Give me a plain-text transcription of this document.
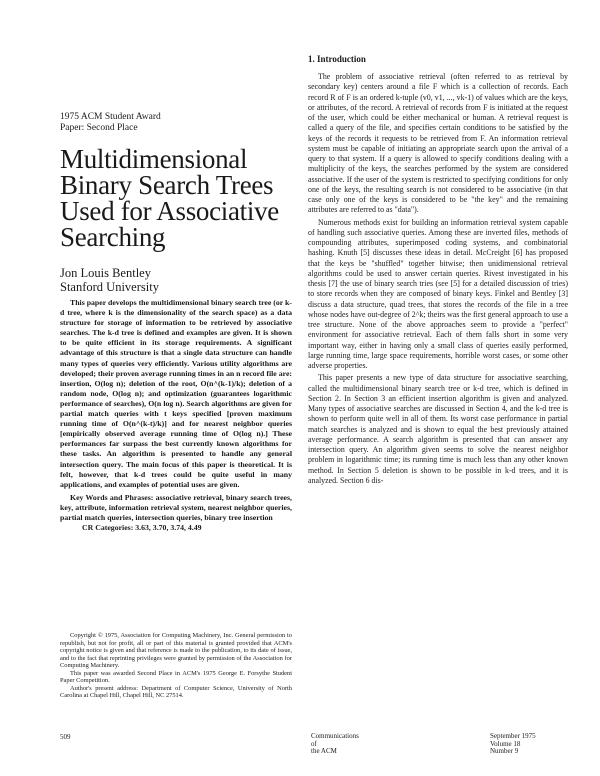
1975 ACM Student Award
Paper: Second Place
Multidimensional
Binary Search Trees
Used for Associative
Searching
Jon Louis Bentley
Stanford University

This paper develops the multidimensional binary search tree (or k-d tree, where k is the dimensionality of the search space) as a data structure for storage of information to be retrieved by associative searches. The k-d tree is defined and examples are given. It is shown to be quite efficient in its storage requirements. A significant advantage of this structure is that a single data structure can handle many types of queries very efficiently. Various utility algorithms are developed; their proven average running times in an n record file are: insertion, O(log n); deletion of the root, O(n^(k-1)/k); deletion of a random node, O(log n); and optimization (guarantees logarithmic performance of searches), O(n log n). Search algorithms are given for partial match queries with t keys specified [proven maximum running time of O(n^(k-t)/k)] and for nearest neighbor queries [empirically observed average running time of O(log n).] These performances far surpass the best currently known algorithms for these tasks. An algorithm is presented to handle any general intersection query. The main focus of this paper is theoretical. It is felt, however, that k-d trees could be quite useful in many applications, and examples of potential uses are given.

Key Words and Phrases: associative retrieval, binary search trees, key, attribute, information retrieval system, nearest neighbor queries, partial match queries, intersection queries, binary tree insertion

CR Categories: 3.63, 3.70, 3.74, 4.49

Copyright © 1975, Association for Computing Machinery, Inc. General permission to republish, but not for profit, all or part of this material is granted provided that ACM's copyright notice is given and that reference is made to the publication, to its date of issue, and to the fact that reprinting privileges were granted by permission of the Association for Computing Machinery.

This paper was awarded Second Place in ACM's 1975 George E. Forsythe Student Paper Competition.

Author's present address: Department of Computer Science, University of North Carolina at Chapel Hill, Chapel Hill, NC 27514.

1. Introduction

The problem of associative retrieval (often referred to as retrieval by secondary key) centers around a file F which is a collection of records. Each record R of F is an ordered k-tuple (v0, v1, ..., vk-1) of values which are the keys, or attributes, of the record. A retrieval of records from F is initiated at the request of the user, which could be either mechanical or human. A retrieval request is called a query of the file, and specifies certain conditions to be satisfied by the keys of the records it requests to be retrieved from F. An information retrieval system must be capable of initiating an appropriate search upon the arrival of a query to that system. If a query is allowed to specify conditions dealing with a multiplicity of the keys, the searches performed by the system are considered associative. If the user of the system is restricted to specifying conditions for only one of the keys, the resulting search is not considered to be associative (in that case only one of the keys is considered to be "the key" and the remaining attributes are referred to as "data").

Numerous methods exist for building an information retrieval system capable of handling such associative queries. Among these are inverted files, methods of compounding attributes, superimposed coding systems, and combinatorial hashing. Knuth [5] discusses these ideas in detail. McCreight [6] has proposed that the keys be "shuffled" together bitwise; then unidimensional retrieval algorithms could be used to answer certain queries. Rivest investigated in his thesis [7] the use of binary search tries (see [5] for a detailed discussion of tries) to store records when they are composed of binary keys. Finkel and Bentley [3] discuss a data structure, quad trees, that stores the records of the file in a tree whose nodes have out-degree of 2^k; theirs was the first general approach to use a tree structure. None of the above approaches seem to provide a "perfect" environment for associative retrieval. Each of them falls short in some very important way, either in having only a small class of queries easily performed, large running time, large space requirements, horrible worst cases, or some other adverse properties.

This paper presents a new type of data structure for associative searching, called the multidimensional binary search tree or k-d tree, which is defined in Section 2. In Section 3 an efficient insertion algorithm is given and analyzed. Many types of associative searches are discussed in Section 4, and the k-d tree is shown to perform quite well in all of them. Its worst case performance in partial match searches is analyzed and is shown to equal the best previously attained average performance. A search algorithm is presented that can answer any intersection query. An algorithm given seems to solve the nearest neighbor problem in logarithmic time; its running time is much less than any other known method. In Section 5 deletion is shown to be possible in k-d trees, and it is analyzed. Section 6 dis-

509	Communications
of
the ACM
September 1975
Volume 18
Number 9
